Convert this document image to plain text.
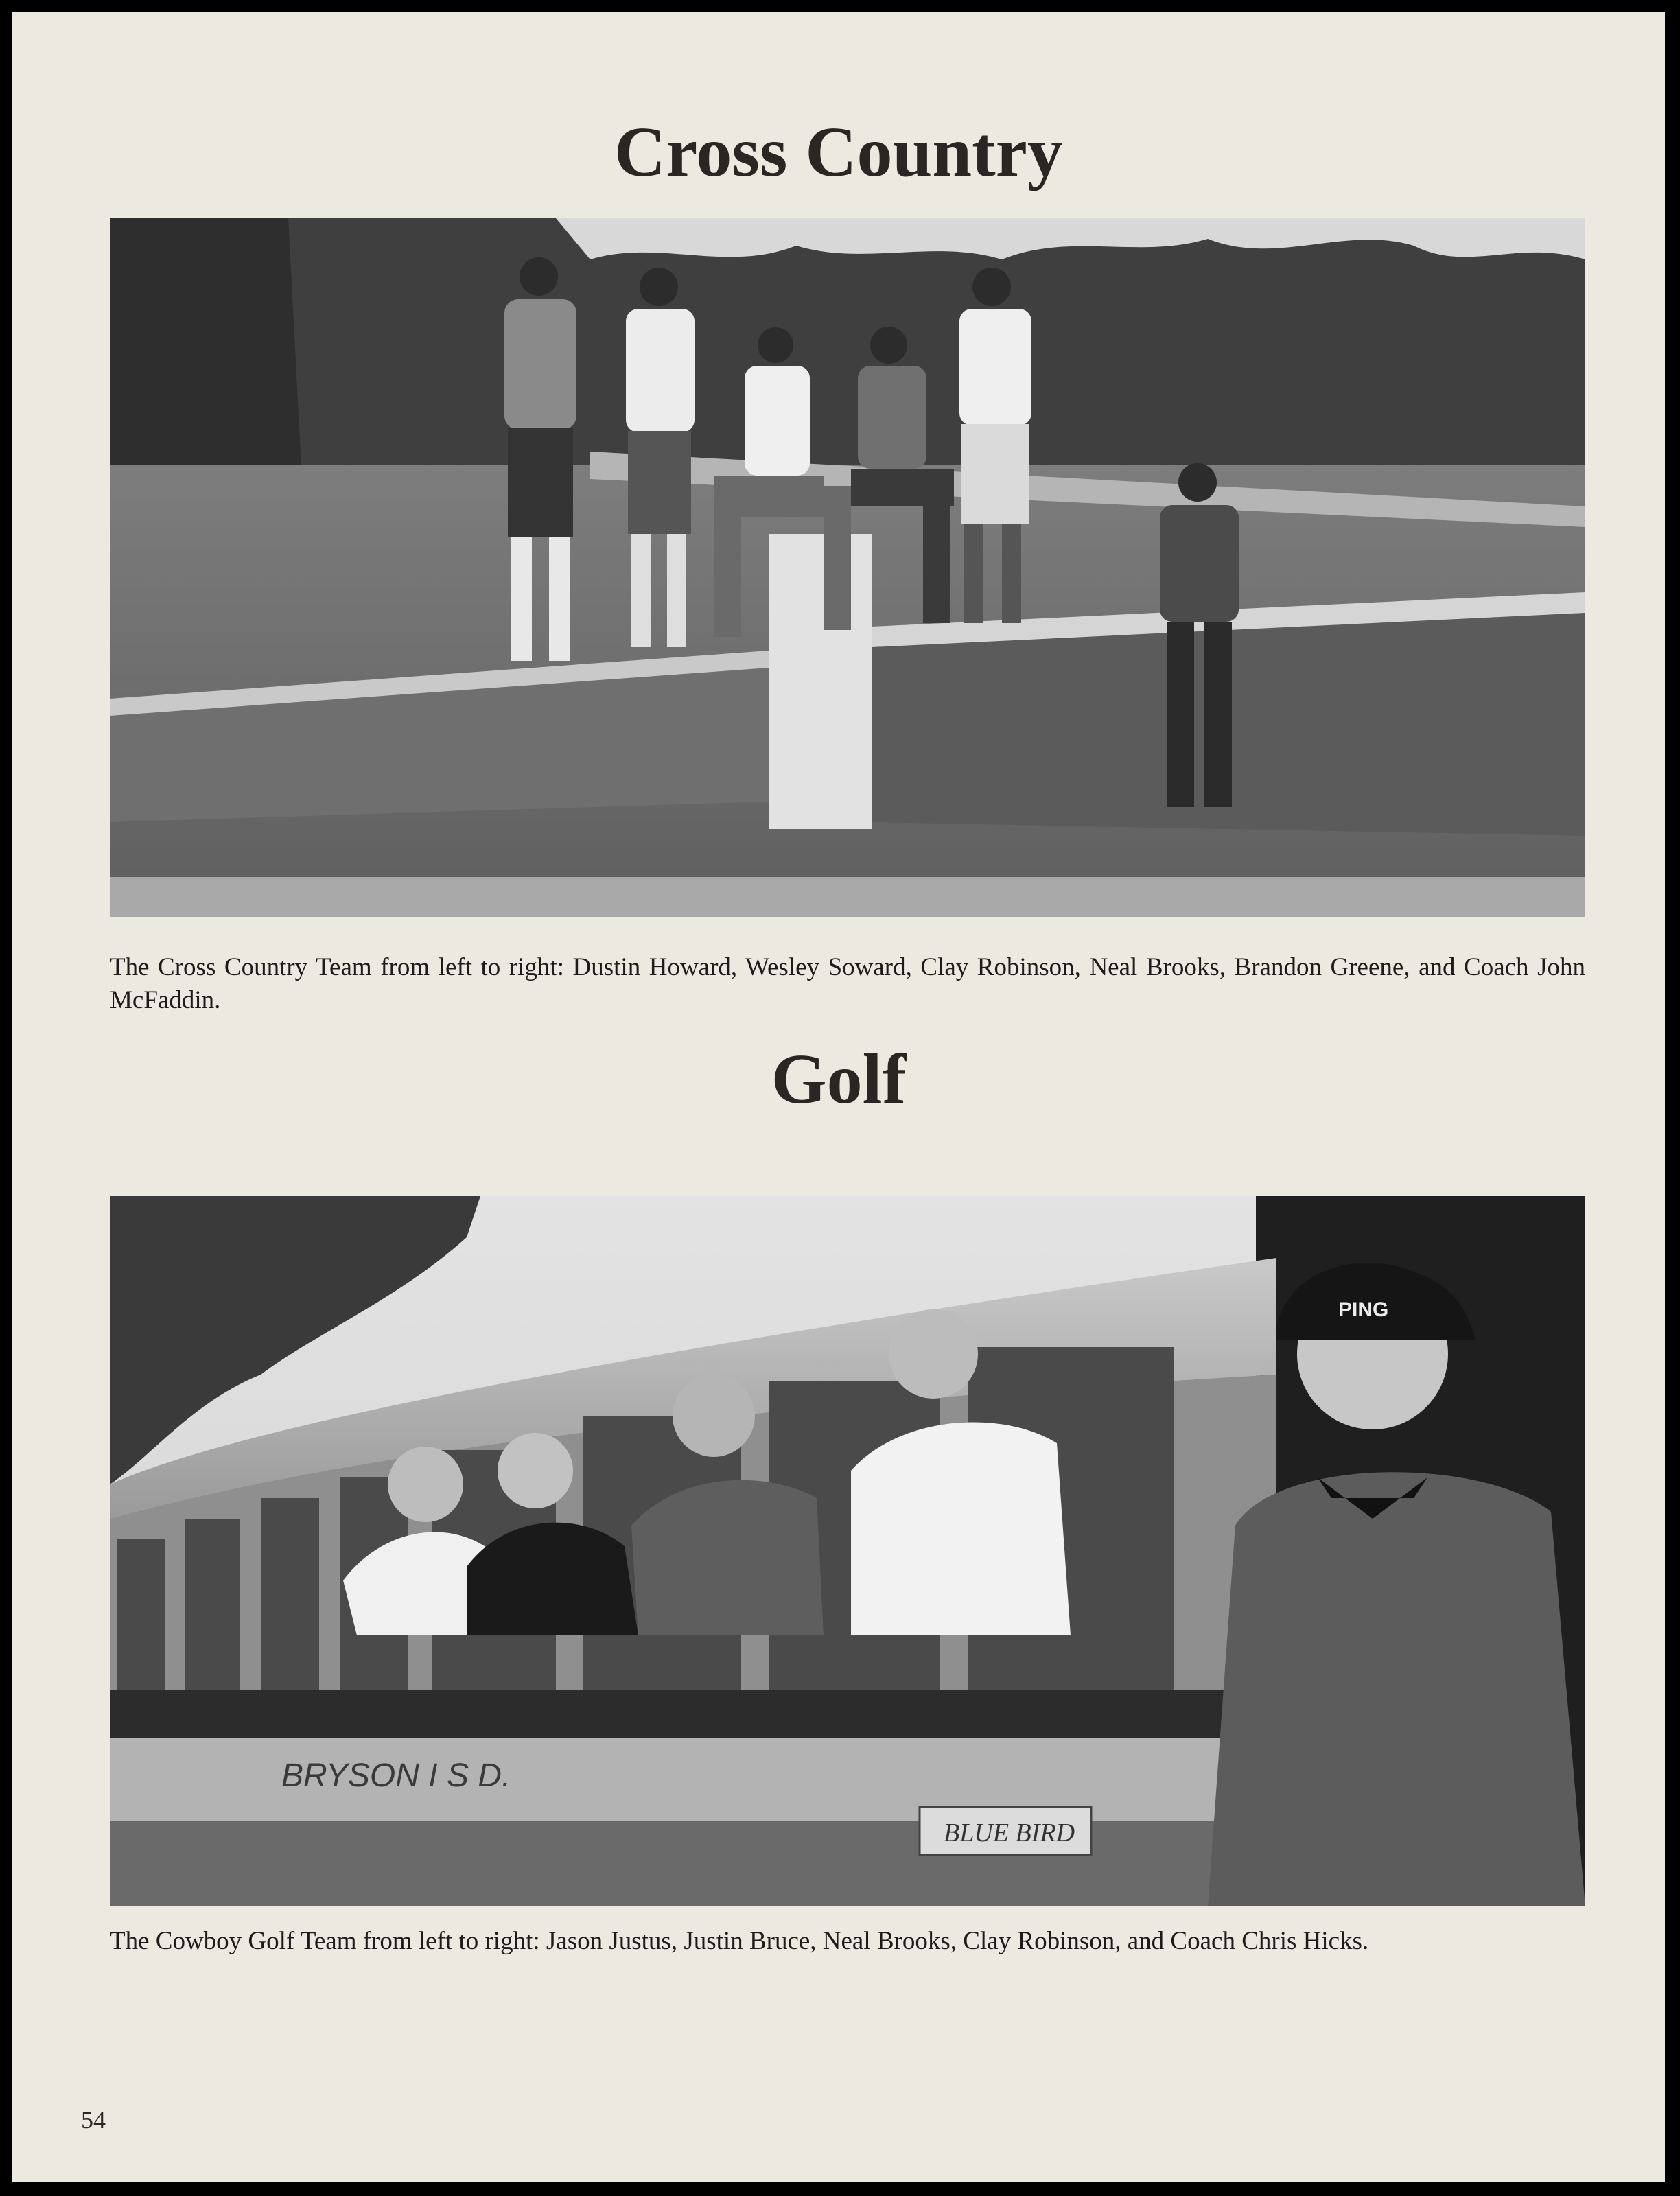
Cross Country

The Cross Country Team from left to right: Dustin Howard, Wesley Soward, Clay Robinson, Neal Brooks, Brandon Greene, and Coach John McFaddin.

Golf
BRYSON I S D.
BLUE BIRD
PING

The Cowboy Golf Team from left to right: Jason Justus, Justin Bruce, Neal Brooks, Clay Robinson, and Coach Chris Hicks.

54
